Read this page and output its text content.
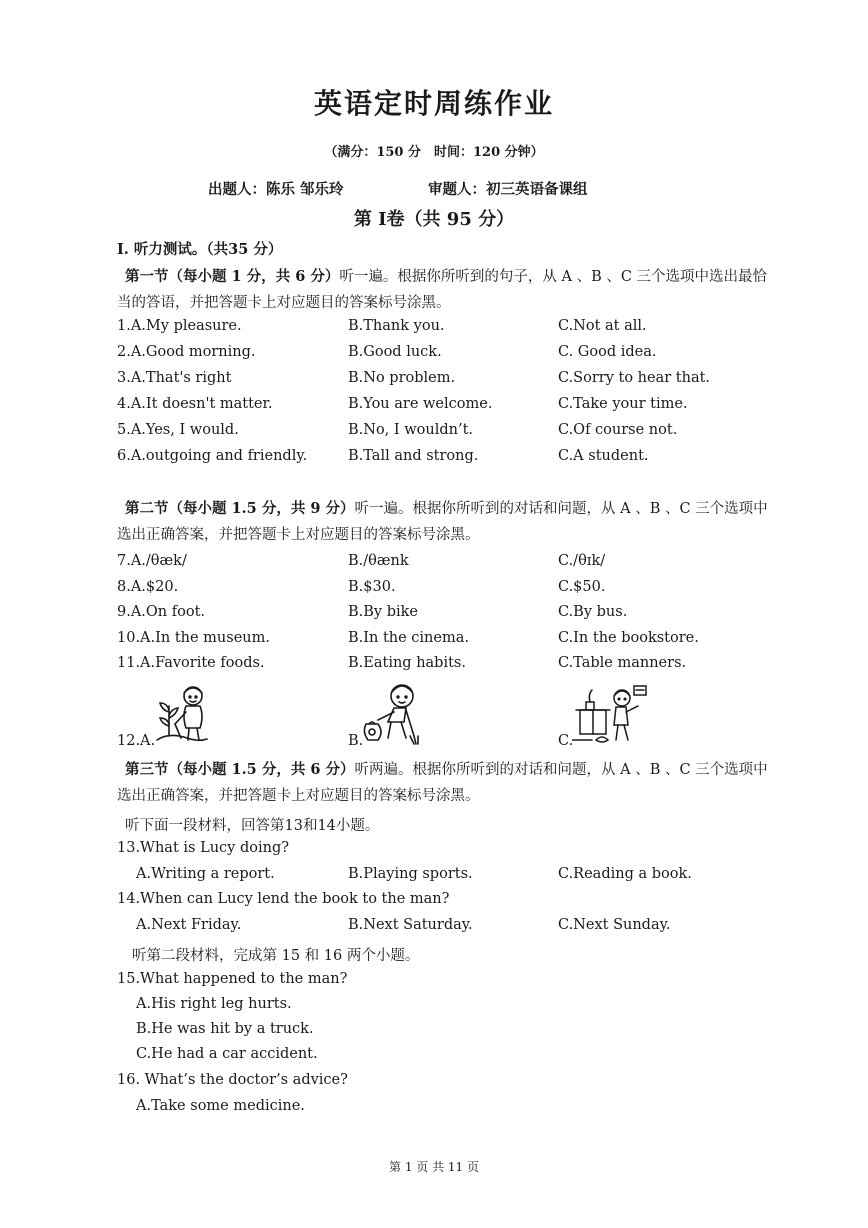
英语定时周练作业
（满分：150 分　时间：120 分钟）
出题人：陈乐 邹乐玲	审题人：初三英语备课组
第 I卷（共 95 分）
I. 听力测试。（共35 分）
第一节（每小题 1 分，共 6 分）听一遍。根据你所听到的句子，从 A 、B 、C 三个选项中选出最恰
当的答语，并把答题卡上对应题目的答案标号涂黑。
1.A.My pleasure.	B.Thank you.	C.Not at all.
2.A.Good morning.	B.Good luck.	C. Good idea.
3.A.That's right	B.No problem.	C.Sorry to hear that.
4.A.It doesn't matter.	B.You are welcome.	C.Take your time.
5.A.Yes, I would.	B.No, I wouldn’t.	C.Of course not.
6.A.outgoing and friendly.	B.Tall and strong.	C.A student.
第二节（每小题 1.5 分，共 9 分）听一遍。根据你所听到的对话和问题，从 A 、B 、C 三个选项中
选出正确答案，并把答题卡上对应题目的答案标号涂黑。
7.A./θæk/	B./θænk	C./θɪk/
8.A.$20.	B.$30.	C.$50.
9.A.On foot.	B.By bike	C.By bus.
10.A.In the museum.	B.In the cinema.	C.In the bookstore.
11.A.Favorite foods.	B.Eating habits.	C.Table manners.
12.A.	B.	C.
第三节（每小题 1.5 分，共 6 分）听两遍。根据你所听到的对话和问题，从 A 、B 、C 三个选项中
选出正确答案，并把答题卡上对应题目的答案标号涂黑。
听下面一段材料，回答第13和14小题。
13.What is Lucy doing?
A.Writing a report.	B.Playing sports.	C.Reading a book.
14.When can Lucy lend the book to the man?
A.Next Friday.	B.Next Saturday.	C.Next Sunday.
听第二段材料，完成第 15 和 16 两个小题。
15.What happened to the man?
A.His right leg hurts.
B.He was hit by a truck.
C.He had a car accident.
16. What’s the doctor’s advice?
A.Take some medicine.
第 1 页 共 11 页
